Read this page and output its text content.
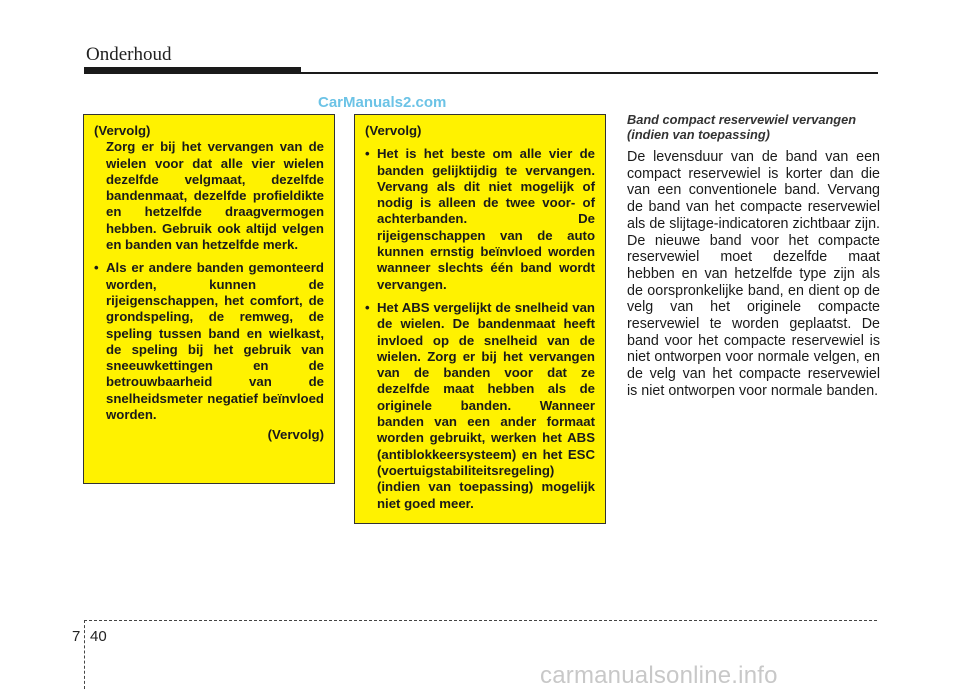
Onderhoud
CarManuals2.com

(Vervolg)

Zorg er bij het vervangen van de wielen voor dat alle vier wielen dezelfde velgmaat, dezelfde bandenmaat, dezelfde profieldikte en hetzelfde draagvermogen hebben. Gebruik ook altijd velgen en banden van hetzelfde merk.

• Als er andere banden gemonteerd worden, kunnen de rijeigenschappen, het comfort, de grondspeling, de remweg, de speling tussen band en wielkast, de speling bij het gebruik van sneeuwkettingen en de betrouwbaarheid van de snelheidsmeter negatief beïnvloed worden.

(Vervolg)

(Vervolg)

• Het is het beste om alle vier de banden gelijktijdig te vervangen. Vervang als dit niet mogelijk of nodig is alleen de twee voor- of achterbanden. De rijeigenschappen van de auto kunnen ernstig beïnvloed worden wanneer slechts één band wordt vervangen.

• Het ABS vergelijkt de snelheid van de wielen. De bandenmaat heeft invloed op de snelheid van de wielen. Zorg er bij het vervangen van de banden voor dat ze dezelfde maat hebben als de originele banden. Wanneer banden van een ander formaat worden gebruikt, werken het ABS (antiblokkeersysteem) en het ESC (voertuigstabiliteitsregeling) (indien van toepassing) mogelijk niet goed meer.

Band compact reservewiel vervangen (indien van toepassing)

De levensduur van de band van een compact reservewiel is korter dan die van een conventionele band. Vervang de band van het compacte reservewiel als de slijtage-indicatoren zichtbaar zijn. De nieuwe band voor het compacte reservewiel moet dezelfde maat hebben en van hetzelfde type zijn als de oorspronkelijke band, en dient op de velg van het originele compacte reservewiel te worden geplaatst. De band voor het compacte reservewiel is niet ontworpen voor normale velgen, en de velg van het compacte reservewiel is niet ontworpen voor normale banden.

7 40
carmanualsonline.info
